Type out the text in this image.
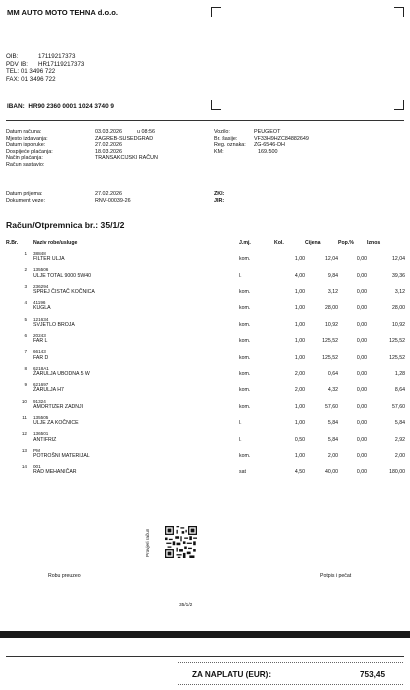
MM AUTO MOTO TEHNA d.o.o.
OIB:	17119217373
PDV IB: HR17119217373
TEL: 01 3496 722
FAX: 01 3496 722
IBAN: HR90 2360 0001 1024 3740 9
Datum računa:	03.03.2026	u 08:56
Mjesto izdavanja:	ZAGREB-SUSEDGRAD
Datum isporuke:	27.02.2026
Dospijeće plaćanja:	18.03.2026
Način plaćanja:	TRANSAKCIJSKI RAČUN
Račun sastavio:
Vozilo:	PEUGEOT
Br. šasije:	VF33H9HZC84882649
Reg. oznaka: ZG-6546-DH
KM:	169.500
Datum prijema:	27.02.2026
Dokument veze:	RNV-00039-26
ZKI:
JIR:
Račun/Otpremnica br.: 35/1/2
R.Br.	Naziv robe/usluge	J.mj.	Kol.	Cijena	Pop.%	Iznos
1	38848					
	FILTER ULJA	kom.	1,00	12,04	0,00	12,04
2	135506					
	ULJE TOTAL 9000 5W40	l.	4,00	9,84	0,00	39,36
3	236294					
	SPREJ ČISTAČ KOČNICA	kom.	1,00	3,12	0,00	3,12
4	41196					
	KUGLA	kom.	1,00	28,00	0,00	28,00
5	121634					
	SVJETLO BROJA	kom.	1,00	10,92	0,00	10,92
6	20243					
	FAR L	kom.	1,00	125,52	0,00	125,52
7	66143					
	FAR D	kom.	1,00	125,52	0,00	125,52
8	6218A1					
	ŽARULJA UBODNA 5 W	kom.	2,00	0,64	0,00	1,28
9	621697					
	ŽARULJA H7	kom.	2,00	4,32	0,00	8,64
10	91324					
	AMORTIZER ZADNJI	kom.	1,00	57,60	0,00	57,60
11	135505					
	ULJE ZA KOČNICE	l.	1,00	5,84	0,00	5,84
12	136501					
	ANTIFRIZ	l.	0,50	5,84	0,00	2,92
13	PM					
	POTROŠNI MATERIJAL	kom.	1,00	2,00	0,00	2,00
14	001					
	RAD MEHANIČAR	sat	4,50	40,00	0,00	180,00
Robu preuzeo
Provjeri račun
Potpis i pečat
35/1/2
ZA NAPLATU (EUR):	753,45
